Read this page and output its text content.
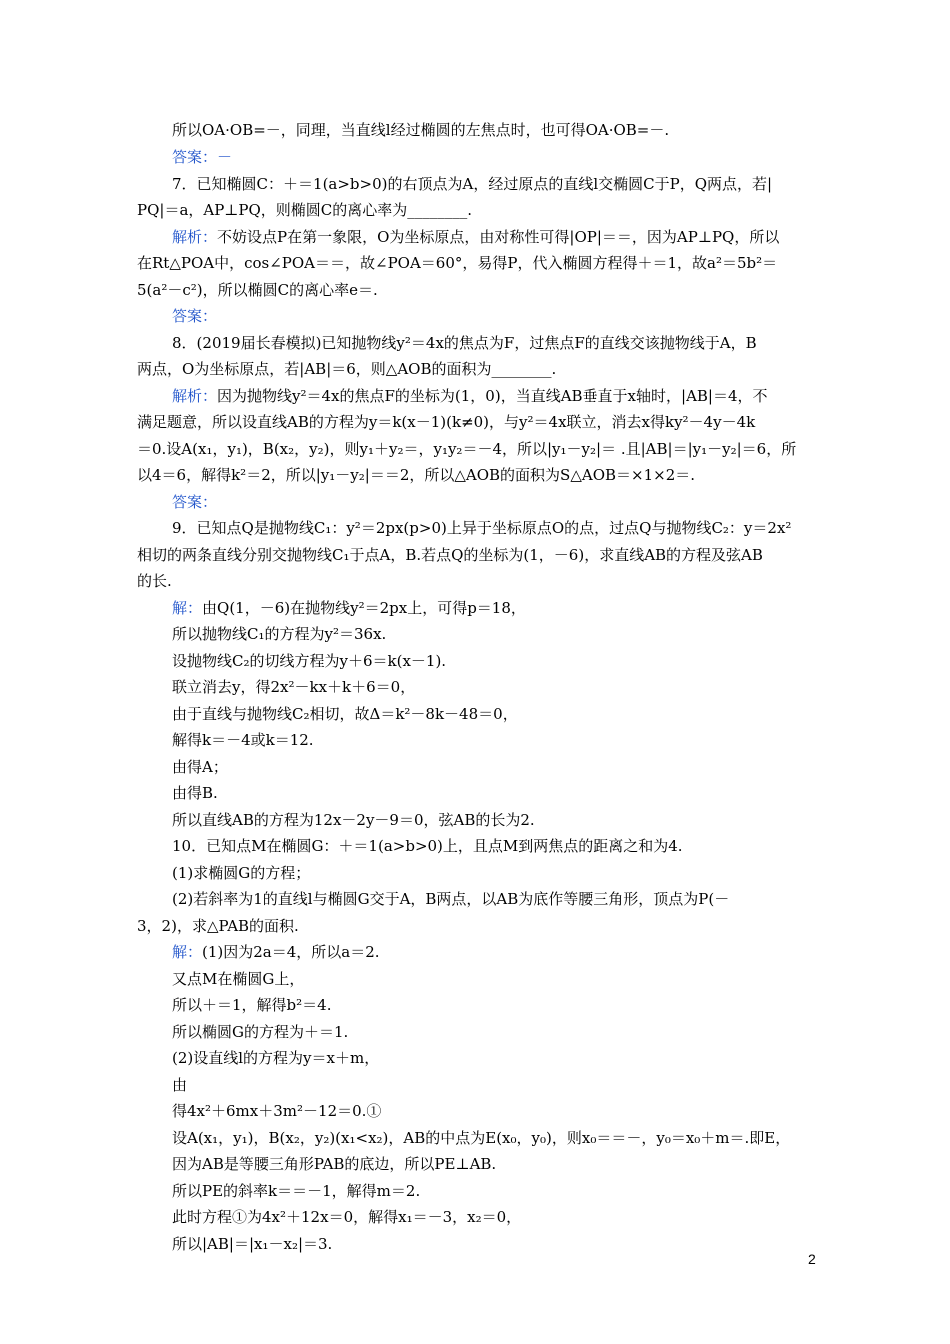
所以OA·OB=－，同理，当直线l经过椭圆的左焦点时，也可得OA·OB=－.
答案：－
7．已知椭圆C：＋＝1(a>b>0)的右顶点为A，经过原点的直线l交椭圆C于P，Q两点，若|
PQ|＝a，AP⊥PQ，则椭圆C的离心率为________.
解析：不妨设点P在第一象限，O为坐标原点，由对称性可得|OP|＝＝，因为AP⊥PQ，所以
在Rt△POA中，cos∠POA＝＝，故∠POA＝60°，易得P，代入椭圆方程得＋＝1，故a²＝5b²＝
5(a²－c²)，所以椭圆C的离心率e＝.
答案：
8．(2019届长春模拟)已知抛物线y²＝4x的焦点为F，过焦点F的直线交该抛物线于A，B
两点，O为坐标原点，若|AB|＝6，则△AOB的面积为________.
解析：因为抛物线y²＝4x的焦点F的坐标为(1，0)，当直线AB垂直于x轴时，|AB|＝4，不
满足题意，所以设直线AB的方程为y＝k(x－1)(k≠0)，与y²＝4x联立，消去x得ky²－4y－4k
＝0.设A(x₁，y₁)，B(x₂，y₂)，则y₁＋y₂＝，y₁y₂＝－4，所以|y₁－y₂|＝ .且|AB|＝|y₁－y₂|＝6，所
以4＝6，解得k²＝2，所以|y₁－y₂|＝＝2，所以△AOB的面积为S△AOB＝×1×2＝.
答案：
9．已知点Q是抛物线C₁：y²＝2px(p>0)上异于坐标原点O的点，过点Q与抛物线C₂：y＝2x²
相切的两条直线分别交抛物线C₁于点A，B.若点Q的坐标为(1，－6)，求直线AB的方程及弦AB
的长.
解：由Q(1，－6)在抛物线y²＝2px上，可得p＝18，
所以抛物线C₁的方程为y²＝36x.
设抛物线C₂的切线方程为y＋6＝k(x－1).
联立消去y，得2x²－kx＋k＋6＝0，
由于直线与抛物线C₂相切，故Δ＝k²－8k－48＝0，
解得k＝－4或k＝12.
由得A；
由得B.
所以直线AB的方程为12x－2y－9＝0，弦AB的长为2.
10．已知点M在椭圆G：＋＝1(a>b>0)上，且点M到两焦点的距离之和为4.
(1)求椭圆G的方程；
(2)若斜率为1的直线l与椭圆G交于A，B两点，以AB为底作等腰三角形，顶点为P(－
3，2)，求△PAB的面积.
解：(1)因为2a＝4，所以a＝2.
又点M在椭圆G上，
所以＋＝1，解得b²＝4.
所以椭圆G的方程为＋＝1.
(2)设直线l的方程为y＝x＋m，
由
得4x²＋6mx＋3m²－12＝0.①
设A(x₁，y₁)，B(x₂，y₂)(x₁<x₂)，AB的中点为E(x₀，y₀)，则x₀＝＝－，y₀＝x₀＋m＝.即E，
因为AB是等腰三角形PAB的底边，所以PE⊥AB.
所以PE的斜率k＝＝－1，解得m＝2.
此时方程①为4x²＋12x＝0，解得x₁＝－3，x₂＝0，
所以|AB|＝|x₁－x₂|＝3.
2
